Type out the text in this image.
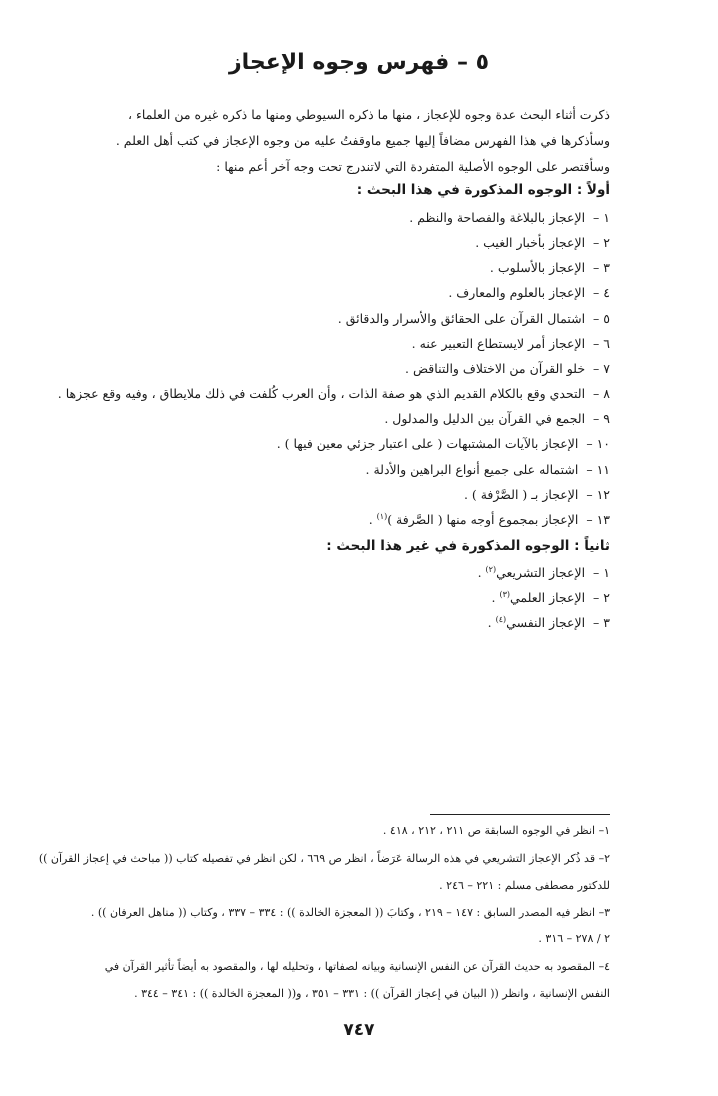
٥ – فهرس وجوه الإعجاز
ذكرت أثناء البحث عدة وجوه للإعجاز ، منها ما ذكره السيوطي ومنها ما ذكره غيره من العلماء ،
وسأذكرها في هذا الفهرس مضافاً إليها جميع ماوقفتُ عليه من وجوه الإعجاز في كتب أهل العلم .
وسأقتصر على الوجوه الأصلية المتفردة التي لاتندرج تحت وجه آخر أعم منها :
أولاً : الوجوه المذكورة في هذا البحث :
١ – الإعجاز بالبلاغة والفصاحة والنظم .
٢ – الإعجاز بأخبار الغيب .
٣ – الإعجاز بالأسلوب .
٤ – الإعجاز بالعلوم والمعارف .
٥ – اشتمال القرآن على الحقائق والأسرار والدقائق .
٦ – الإعجاز أمر لايستطاع التعبير عنه .
٧ – خلو القرآن من الاختلاف والتناقض .
٨ – التحدي وقع بالكلام القديم الذي هو صفة الذات ، وأن العرب كُلفت في ذلك ملايطاق ، وفيه وقع عجزها .
٩ – الجمع في القرآن بين الدليل والمدلول .
١٠ – الإعجاز بالآيات المشتبهات ( على اعتبار جزئي معين فيها ) .
١١ – اشتماله على جميع أنواع البراهين والأدلة .
١٢ – الإعجاز بـ ( الصَّرْفة ) .
١٣ – الإعجاز بمجموع أوجه منها ( الصَّرفة )$^{(١)}$ .
ثانياً : الوجوه المذكورة في غير هذا البحث :
١ – الإعجاز التشريعي$^{(٢)}$ .
٢ – الإعجاز العلمي$^{(٣)}$ .
٣ – الإعجاز النفسي$^{(٤)}$ .
١– انظر في الوجوه السابقة ص ٢١١ ، ٢١٢ ، ٤١٨ .
٢– قد ذُكر الإعجاز التشريعي في هذه الرسالة عَرَضاً ، انظر ص ٦٦٩ ، لكن انظر في تفصيله كتاب (( مباحث في إعجاز القرآن ))
للدكتور مصطفى مسلم : ٢٢١ – ٢٤٦ .
٣– انظر فيه المصدر السابق : ١٤٧ – ٢١٩ ، وكتابَ (( المعجزة الخالدة )) : ٣٣٤ – ٣٣٧ ، وكتاب (( مناهل العرفان )) .
٢ / ٢٧٨ – ٣١٦ .
٤– المقصود به حديث القرآن عن النفس الإنسانية وبيانه لصفاتها ، وتحليله لها ، والمقصود به أيضاً تأثير القرآن في
النفس الإنسانية ، وانظر (( البيان في إعجاز القرآن )) : ٣٣١ – ٣٥١ ، و(( المعجزة الخالدة )) : ٣٤١ – ٣٤٤ .
٧٤٧
